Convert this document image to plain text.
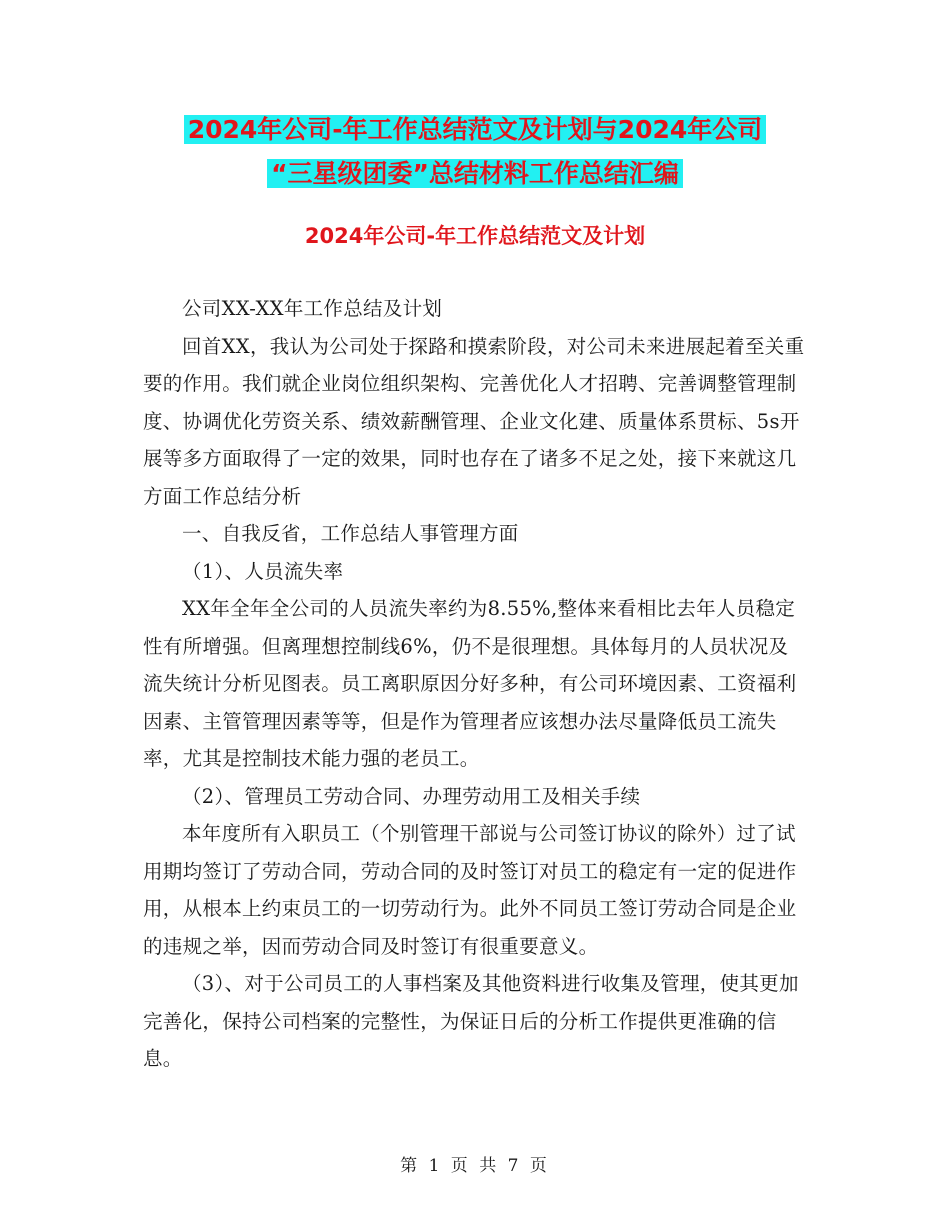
2024年公司-年工作总结范文及计划与2024年公司
“三星级团委”总结材料工作总结汇编
2024年公司-年工作总结范文及计划

公司XX-XX年工作总结及计划

回首XX，我认为公司处于探路和摸索阶段，对公司未来进展起着至关重要的作用。我们就企业岗位组织架构、完善优化人才招聘、完善调整管理制度、协调优化劳资关系、绩效薪酬管理、企业文化建、质量体系贯标、5s开展等多方面取得了一定的效果，同时也存在了诸多不足之处，接下来就这几方面工作总结分析

一、自我反省，工作总结人事管理方面

（1）、人员流失率

XX年全年全公司的人员流失率约为8.55%,整体来看相比去年人员稳定性有所增强。但离理想控制线6%，仍不是很理想。具体每月的人员状况及流失统计分析见图表。员工离职原因分好多种，有公司环境因素、工资福利因素、主管管理因素等等，但是作为管理者应该想办法尽量降低员工流失率，尤其是控制技术能力强的老员工。

（2）、管理员工劳动合同、办理劳动用工及相关手续

本年度所有入职员工（个别管理干部说与公司签订协议的除外）过了试用期均签订了劳动合同，劳动合同的及时签订对员工的稳定有一定的促进作用，从根本上约束员工的一切劳动行为。此外不同员工签订劳动合同是企业的违规之举，因而劳动合同及时签订有很重要意义。

（3）、对于公司员工的人事档案及其他资料进行收集及管理，使其更加完善化，保持公司档案的完整性，为保证日后的分析工作提供更准确的信息。

第 1 页 共 7 页
